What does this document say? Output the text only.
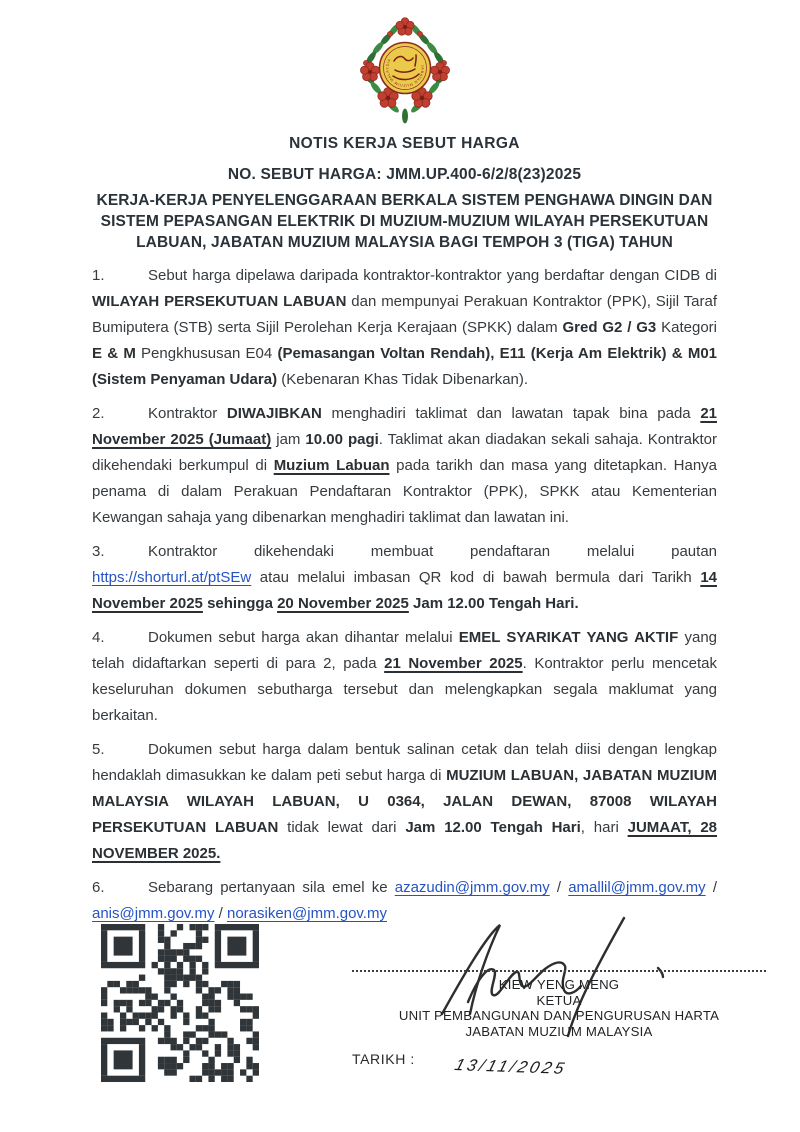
JABATAN MUZIUM MALAYSIA
NOTIS KERJA SEBUT HARGA
NO. SEBUT HARGA: JMM.UP.400-6/2/8(23)2025
KERJA-KERJA PENYELENGGARAAN BERKALA SISTEM PENGHAWA DINGIN DAN
SISTEM PEPASANGAN ELEKTRIK DI MUZIUM-MUZIUM WILAYAH PERSEKUTUAN
LABUAN, JABATAN MUZIUM MALAYSIA BAGI TEMPOH 3 (TIGA) TAHUN
1.	Sebut harga dipelawa daripada kontraktor-kontraktor yang berdaftar dengan CIDB di WILAYAH PERSEKUTUAN LABUAN dan mempunyai Perakuan Kontraktor (PPK), Sijil Taraf Bumiputera (STB) serta Sijil Perolehan Kerja Kerajaan (SPKK) dalam Gred G2 / G3 Kategori E & M Pengkhususan E04 (Pemasangan Voltan Rendah), E11 (Kerja Am Elektrik) & M01 (Sistem Penyaman Udara) (Kebenaran Khas Tidak Dibenarkan).
2.	Kontraktor DIWAJIBKAN menghadiri taklimat dan lawatan tapak bina pada 21 November 2025 (Jumaat) jam 10.00 pagi. Taklimat akan diadakan sekali sahaja. Kontraktor dikehendaki berkumpul di Muzium Labuan pada tarikh dan masa yang ditetapkan. Hanya penama di dalam Perakuan Pendaftaran Kontraktor (PPK), SPKK atau Kementerian Kewangan sahaja yang dibenarkan menghadiri taklimat dan lawatan ini.
3.	Kontraktor dikehendaki membuat pendaftaran melalui pautan https://shorturl.at/ptSEw atau melalui imbasan QR kod di bawah bermula dari Tarikh 14 November 2025 sehingga 20 November 2025 Jam 12.00 Tengah Hari.
4.	Dokumen sebut harga akan dihantar melalui EMEL SYARIKAT YANG AKTIF yang telah didaftarkan seperti di para 2, pada 21 November 2025. Kontraktor perlu mencetak keseluruhan dokumen sebutharga tersebut dan melengkapkan segala maklumat yang berkaitan.
5.	Dokumen sebut harga dalam bentuk salinan cetak dan telah diisi dengan lengkap hendaklah dimasukkan ke dalam peti sebut harga di MUZIUM LABUAN, JABATAN MUZIUM MALAYSIA WILAYAH LABUAN, U 0364, JALAN DEWAN, 87008 WILAYAH PERSEKUTUAN LABUAN tidak lewat dari Jam 12.00 Tengah Hari, hari JUMAAT, 28 NOVEMBER 2025.
6.	Sebarang pertanyaan sila emel ke azazudin@jmm.gov.my / amallil@jmm.gov.my / anis@jmm.gov.my / norasiken@jmm.gov.my
KIEW YENG MENG
KETUA
UNIT PEMBANGUNAN DAN PENGURUSAN HARTA
JABATAN MUZIUM MALAYSIA
TARIKH : 13/11/2025
